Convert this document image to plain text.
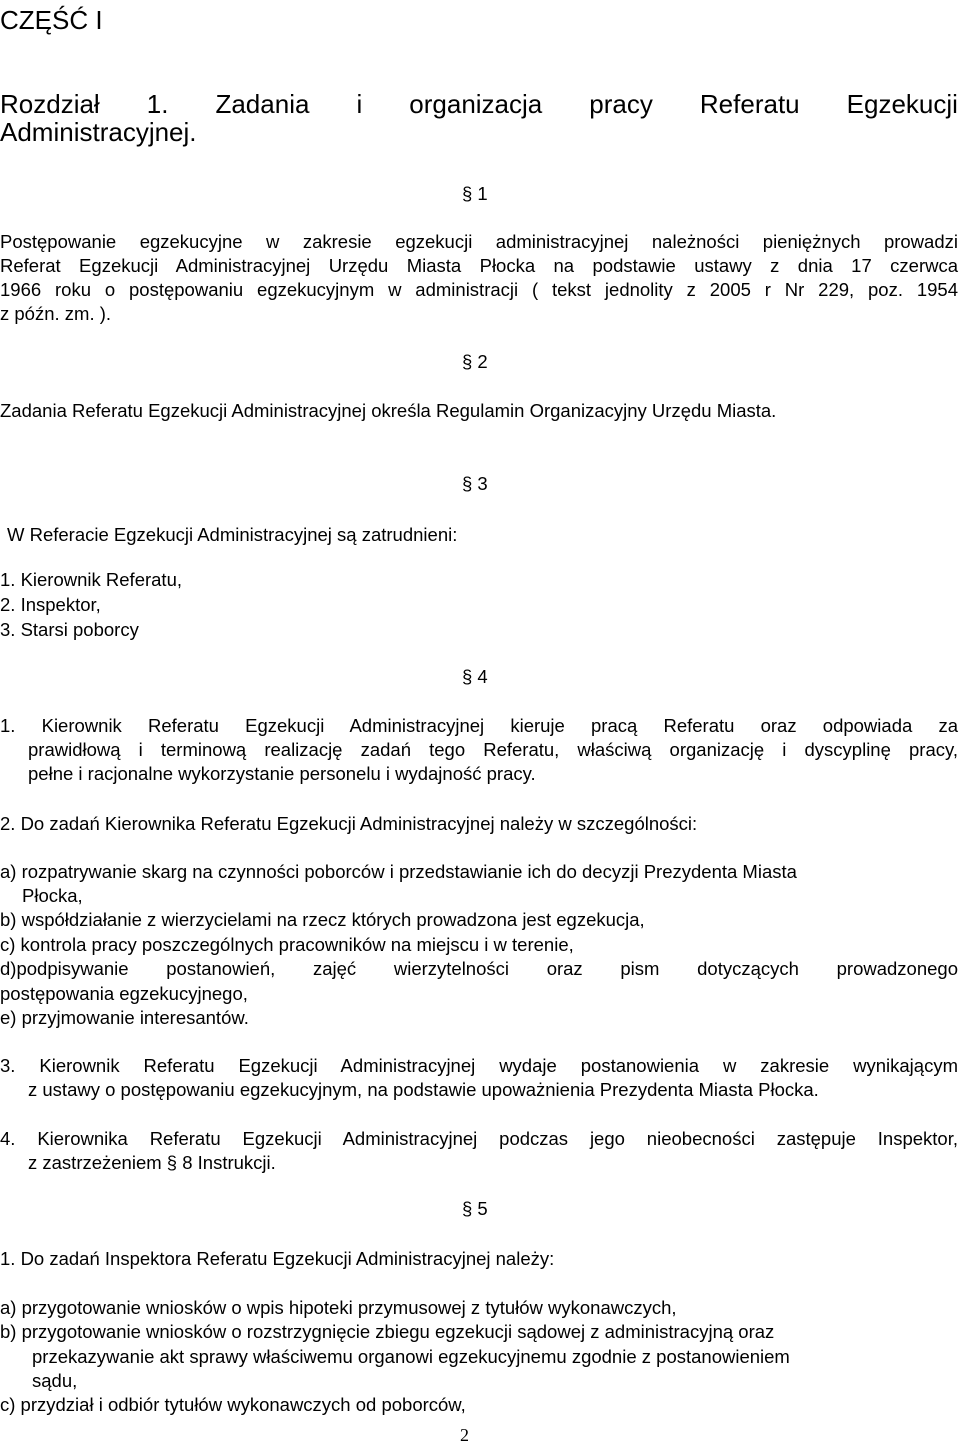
CZĘŚĆ I
Rozdział 1. Zadania i organizacja pracy Referatu Egzekucji
Administracyjnej.
§ 1
Postępowanie egzekucyjne w zakresie egzekucji administracyjnej należności pieniężnych prowadzi
Referat Egzekucji Administracyjnej Urzędu Miasta Płocka na podstawie ustawy z dnia 17 czerwca
1966 roku o postępowaniu egzekucyjnym w administracji ( tekst jednolity z 2005 r Nr 229, poz. 1954
z późn. zm. ).
§ 2
Zadania Referatu Egzekucji Administracyjnej określa Regulamin Organizacyjny Urzędu Miasta.
§ 3
W Referacie Egzekucji Administracyjnej są zatrudnieni:
1. Kierownik Referatu,
2. Inspektor,
3. Starsi poborcy
§ 4
1. Kierownik Referatu Egzekucji Administracyjnej kieruje pracą Referatu oraz odpowiada za
prawidłową i terminową realizację zadań tego Referatu, właściwą organizację i dyscyplinę pracy,
pełne i racjonalne wykorzystanie personelu i wydajność pracy.
2. Do zadań Kierownika Referatu Egzekucji Administracyjnej należy w szczególności:
a) rozpatrywanie skarg na czynności poborców i przedstawianie ich do decyzji Prezydenta Miasta
Płocka,
b) współdziałanie z wierzycielami na rzecz których prowadzona jest egzekucja,
c) kontrola pracy poszczególnych pracowników na miejscu i w terenie,
d)podpisywanie postanowień, zajęć wierzytelności oraz pism dotyczących prowadzonego
postępowania egzekucyjnego,
e) przyjmowanie interesantów.
3. Kierownik Referatu Egzekucji Administracyjnej wydaje postanowienia w zakresie wynikającym
z ustawy o postępowaniu egzekucyjnym, na podstawie upoważnienia Prezydenta Miasta Płocka.
4. Kierownika Referatu Egzekucji Administracyjnej podczas jego nieobecności zastępuje Inspektor,
z zastrzeżeniem § 8 Instrukcji.
§ 5
1. Do zadań Inspektora Referatu Egzekucji Administracyjnej należy:
a) przygotowanie wniosków o wpis hipoteki przymusowej z tytułów wykonawczych,
b) przygotowanie wniosków o rozstrzygnięcie zbiegu egzekucji sądowej z administracyjną oraz
przekazywanie akt sprawy właściwemu organowi egzekucyjnemu zgodnie z postanowieniem
sądu,
c) przydział i odbiór tytułów wykonawczych od poborców,
2
